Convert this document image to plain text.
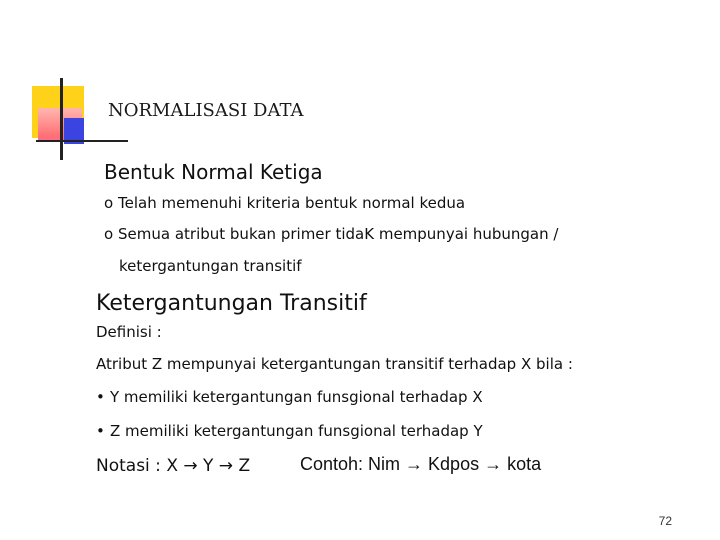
NORMALISASI DATA
Bentuk Normal Ketiga
o Telah memenuhi kriteria bentuk normal kedua
o Semua atribut bukan primer tidaK mempunyai hubungan /
ketergantungan transitif
Ketergantungan Transitif
Definisi :
Atribut Z mempunyai ketergantungan transitif terhadap X bila :
• Y memiliki ketergantungan funsgional terhadap X
• Z memiliki ketergantungan funsgional terhadap Y
Notasi : X → Y → Z	Contoh: Nim → Kdpos → kota
72
